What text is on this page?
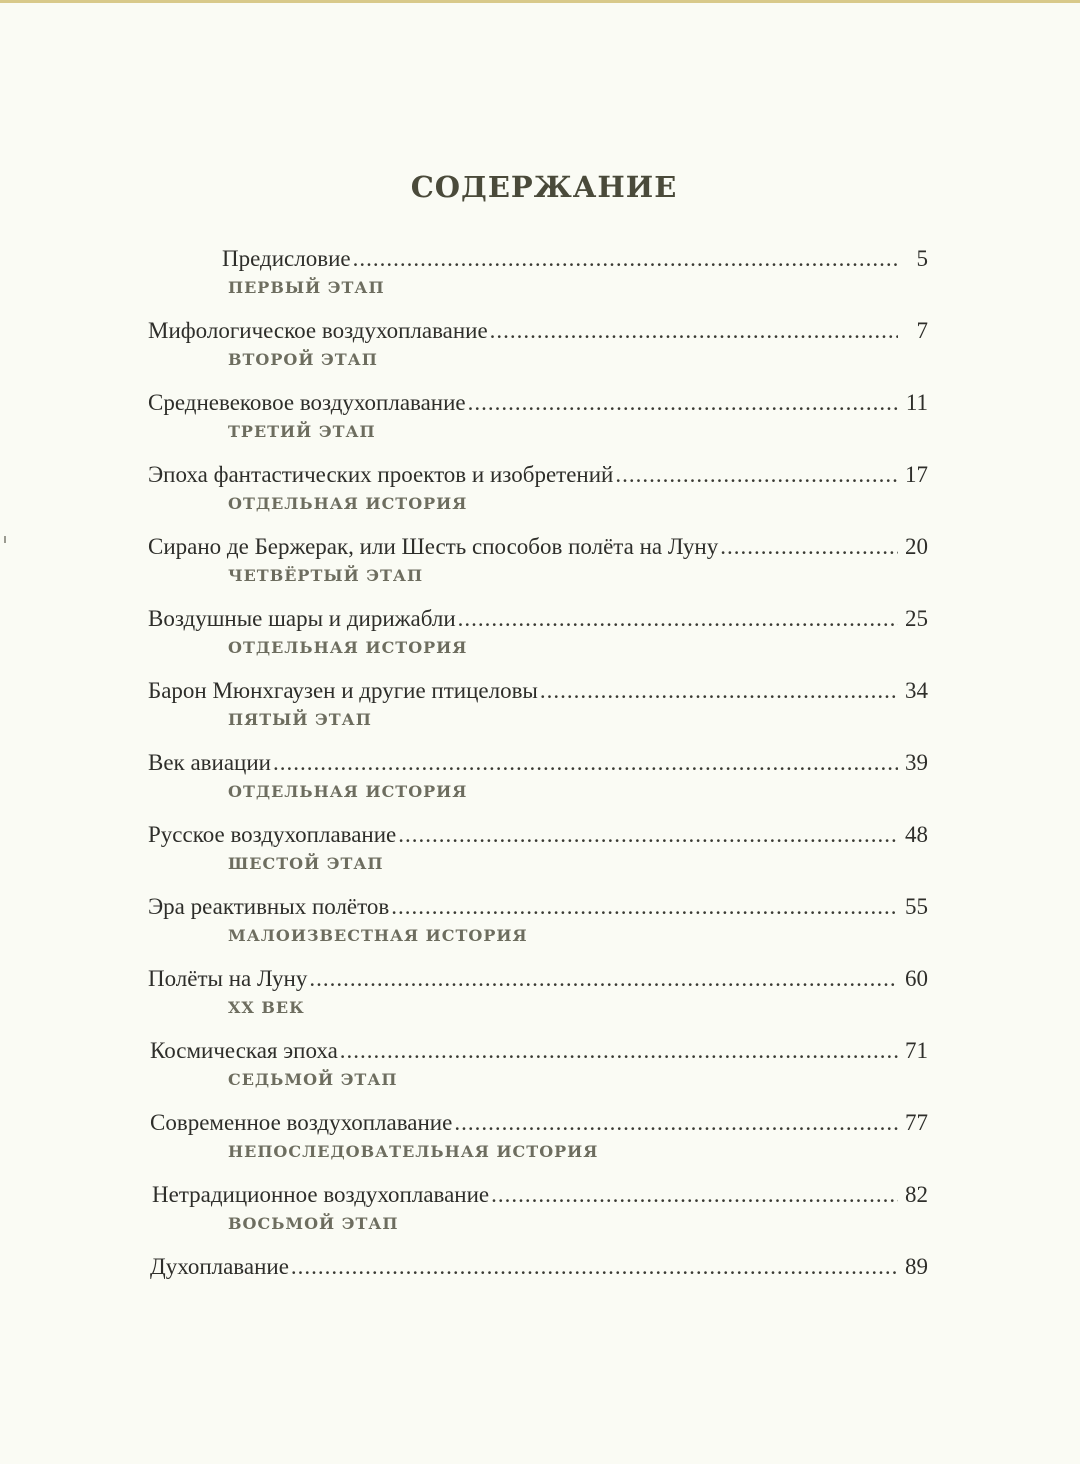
СОДЕРЖАНИЕ
Предисловие .....	5
ПЕРВЫЙ ЭТАП
Мифологическое воздухоплавание .....	7
ВТОРОЙ ЭТАП
Средневековое воздухоплавание .....	11
ТРЕТИЙ ЭТАП
Эпоха фантастических проектов и изобретений .....	17
ОТДЕЛЬНАЯ ИСТОРИЯ
Сирано де Бержерак, или Шесть способов полёта на Луну .....	20
ЧЕТВЁРТЫЙ ЭТАП
Воздушные шары и дирижабли .....	25
ОТДЕЛЬНАЯ ИСТОРИЯ
Барон Мюнхгаузен и другие птицеловы .....	34
ПЯТЫЙ ЭТАП
Век авиации .....	39
ОТДЕЛЬНАЯ ИСТОРИЯ
Русское воздухоплавание .....	48
ШЕСТОЙ ЭТАП
Эра реактивных полётов .....	55
МАЛОИЗВЕСТНАЯ ИСТОРИЯ
Полёты на Луну .....	60
XX ВЕК
Космическая эпоха .....	71
СЕДЬМОЙ ЭТАП
Современное воздухоплавание .....	77
НЕПОСЛЕДОВАТЕЛЬНАЯ ИСТОРИЯ
Нетрадиционное воздухоплавание .....	82
ВОСЬМОЙ ЭТАП
Духоплавание .....	89
